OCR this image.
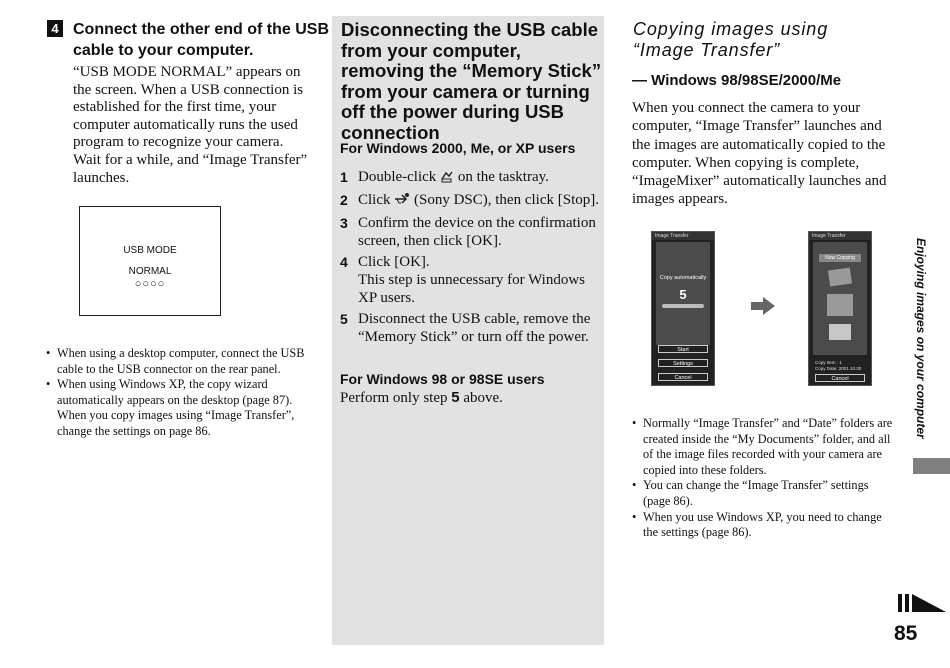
4 Connect the other end of the USB cable to your computer.
“USB MODE NORMAL” appears on the screen. When a USB connection is established for the first time, your computer automatically runs the used program to recognize your camera. Wait for a while, and “Image Transfer” launches.
USB MODE
NORMAL
○○○○
• When using a desktop computer, connect the USB cable to the USB connector on the rear panel.
• When using Windows XP, the copy wizard automatically appears on the desktop (page 87). When you copy images using “Image Transfer”, change the settings on page 86.
Disconnecting the USB cable from your computer, removing the “Memory Stick” from your camera or turning off the power during USB connection
For Windows 2000, Me, or XP users
1 Double-click on the tasktray.
2 Click (Sony DSC), then click [Stop].
3 Confirm the device on the confirmation screen, then click [OK].
4 Click [OK].
This step is unnecessary for Windows XP users.
5 Disconnect the USB cable, remove the “Memory Stick” or turn off the power.
For Windows 98 or 98SE users
Perform only step 5 above.
Copying images using “Image Transfer”
— Windows 98/98SE/2000/Me
When you connect the camera to your computer, “Image Transfer” launches and the images are automatically copied to the computer. When copying is complete, “ImageMixer” automatically launches and images appears.
Image Transfer
Copy automatically
5
Start
Settings
Cancel
Image Transfer
Now Copying
Copy Item : 1
Copy Date: 2001.10.30
Cancel
• Normally “Image Transfer” and “Date” folders are created inside the “My Documents” folder, and all of the image files recorded with your camera are copied into these folders.
• You can change the “Image Transfer” settings (page 86).
• When you use Windows XP, you need to change the settings (page 86).
Enjoying images on your computer
85
